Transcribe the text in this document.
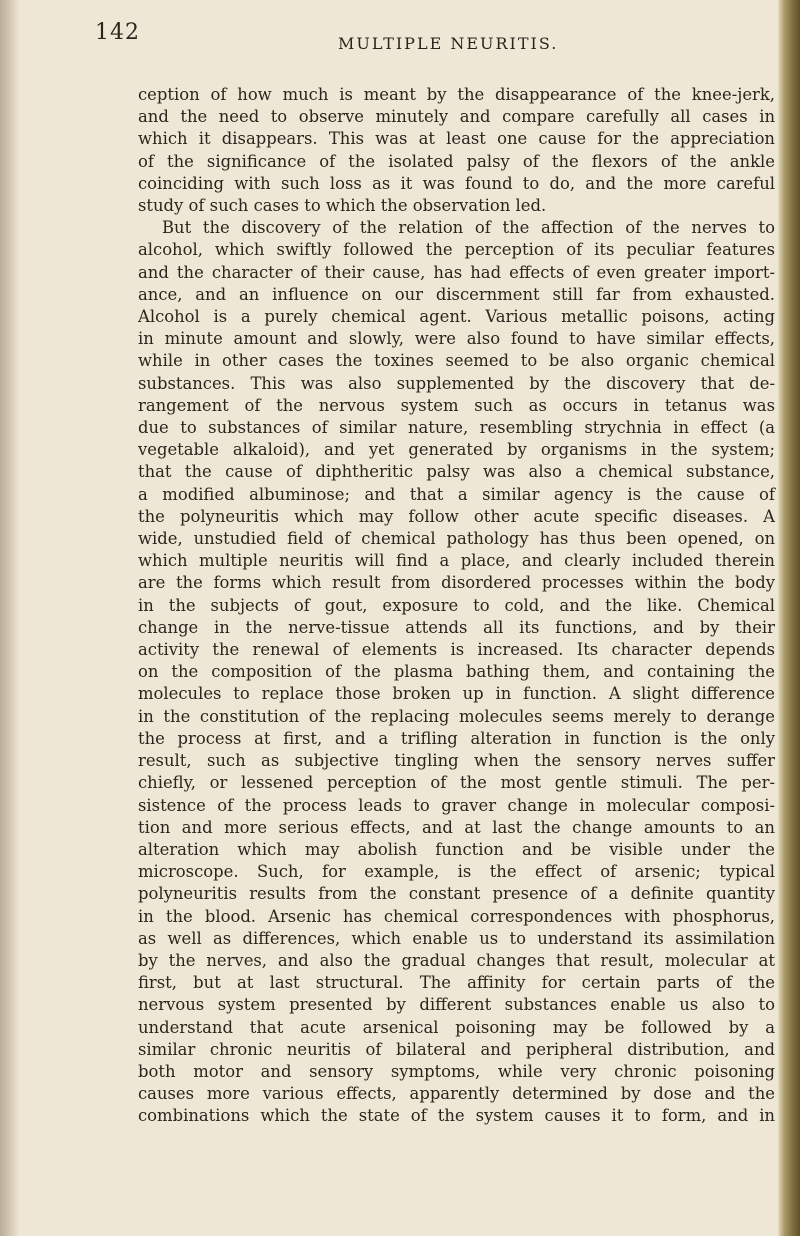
142	MULTIPLE NEURITIS.
ception of how much is meant by the disappearance of the knee-jerk,
and the need to observe minutely and compare carefully all cases in
which it disappears. This was at least one cause for the appreciation
of the significance of the isolated palsy of the flexors of the ankle
coinciding with such loss as it was found to do, and the more careful
study of such cases to which the observation led.
But the discovery of the relation of the affection of the nerves to
alcohol, which swiftly followed the perception of its peculiar features
and the character of their cause, has had effects of even greater import-
ance, and an influence on our discernment still far from exhausted.
Alcohol is a purely chemical agent. Various metallic poisons, acting
in minute amount and slowly, were also found to have similar effects,
while in other cases the toxines seemed to be also organic chemical
substances. This was also supplemented by the discovery that de-
rangement of the nervous system such as occurs in tetanus was
due to substances of similar nature, resembling strychnia in effect (a
vegetable alkaloid), and yet generated by organisms in the system;
that the cause of diphtheritic palsy was also a chemical substance,
a modified albuminose; and that a similar agency is the cause of
the polyneuritis which may follow other acute specific diseases. A
wide, unstudied field of chemical pathology has thus been opened, on
which multiple neuritis will find a place, and clearly included therein
are the forms which result from disordered processes within the body
in the subjects of gout, exposure to cold, and the like. Chemical
change in the nerve-tissue attends all its functions, and by their
activity the renewal of elements is increased. Its character depends
on the composition of the plasma bathing them, and containing the
molecules to replace those broken up in function. A slight difference
in the constitution of the replacing molecules seems merely to derange
the process at first, and a trifling alteration in function is the only
result, such as subjective tingling when the sensory nerves suffer
chiefly, or lessened perception of the most gentle stimuli. The per-
sistence of the process leads to graver change in molecular composi-
tion and more serious effects, and at last the change amounts to an
alteration which may abolish function and be visible under the
microscope. Such, for example, is the effect of arsenic; typical
polyneuritis results from the constant presence of a definite quantity
in the blood. Arsenic has chemical correspondences with phosphorus,
as well as differences, which enable us to understand its assimilation
by the nerves, and also the gradual changes that result, molecular at
first, but at last structural. The affinity for certain parts of the
nervous system presented by different substances enable us also to
understand that acute arsenical poisoning may be followed by a
similar chronic neuritis of bilateral and peripheral distribution, and
both motor and sensory symptoms, while very chronic poisoning
causes more various effects, apparently determined by dose and the
combinations which the state of the system causes it to form, and in
